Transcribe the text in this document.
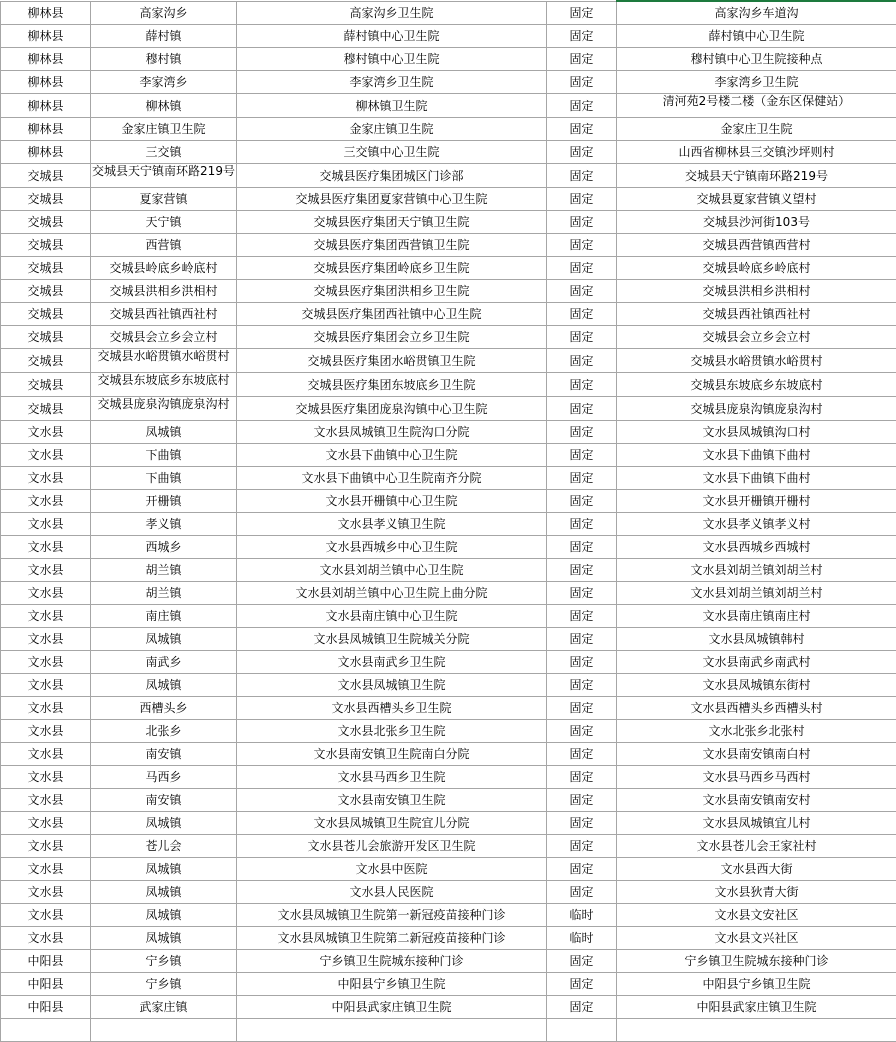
柳林县	高家沟乡	高家沟乡卫生院	固定	高家沟乡车道沟
柳林县	薛村镇	薛村镇中心卫生院	固定	薛村镇中心卫生院
柳林县	穆村镇	穆村镇中心卫生院	固定	穆村镇中心卫生院接种点
柳林县	李家湾乡	李家湾乡卫生院	固定	李家湾乡卫生院
柳林县	柳林镇	柳林镇卫生院	固定	清河苑2号楼二楼（金东区保健站）
柳林县	金家庄镇卫生院	金家庄镇卫生院	固定	金家庄卫生院
柳林县	三交镇	三交镇中心卫生院	固定	山西省柳林县三交镇沙坪则村
交城县	交城县天宁镇南环路219号	交城县医疗集团城区门诊部	固定	交城县天宁镇南环路219号
交城县	夏家营镇	交城县医疗集团夏家营镇中心卫生院	固定	交城县夏家营镇义望村
交城县	天宁镇	交城县医疗集团天宁镇卫生院	固定	交城县沙河街103号
交城县	西营镇	交城县医疗集团西营镇卫生院	固定	交城县西营镇西营村
交城县	交城县岭底乡岭底村	交城县医疗集团岭底乡卫生院	固定	交城县岭底乡岭底村
交城县	交城县洪相乡洪相村	交城县医疗集团洪相乡卫生院	固定	交城县洪相乡洪相村
交城县	交城县西社镇西社村	交城县医疗集团西社镇中心卫生院	固定	交城县西社镇西社村
交城县	交城县会立乡会立村	交城县医疗集团会立乡卫生院	固定	交城县会立乡会立村
交城县	交城县水峪贯镇水峪贯村	交城县医疗集团水峪贯镇卫生院	固定	交城县水峪贯镇水峪贯村
交城县	交城县东坡底乡东坡底村	交城县医疗集团东坡底乡卫生院	固定	交城县东坡底乡东坡底村
交城县	交城县庞泉沟镇庞泉沟村	交城县医疗集团庞泉沟镇中心卫生院	固定	交城县庞泉沟镇庞泉沟村
文水县	凤城镇	文水县凤城镇卫生院沟口分院	固定	文水县凤城镇沟口村
文水县	下曲镇	文水县下曲镇中心卫生院	固定	文水县下曲镇下曲村
文水县	下曲镇	文水县下曲镇中心卫生院南齐分院	固定	文水县下曲镇下曲村
文水县	开栅镇	文水县开栅镇中心卫生院	固定	文水县开栅镇开栅村
文水县	孝义镇	文水县孝义镇卫生院	固定	文水县孝义镇孝义村
文水县	西城乡	文水县西城乡中心卫生院	固定	文水县西城乡西城村
文水县	胡兰镇	文水县刘胡兰镇中心卫生院	固定	文水县刘胡兰镇刘胡兰村
文水县	胡兰镇	文水县刘胡兰镇中心卫生院上曲分院	固定	文水县刘胡兰镇刘胡兰村
文水县	南庄镇	文水县南庄镇中心卫生院	固定	文水县南庄镇南庄村
文水县	凤城镇	文水县凤城镇卫生院城关分院	固定	文水县凤城镇韩村
文水县	南武乡	文水县南武乡卫生院	固定	文水县南武乡南武村
文水县	凤城镇	文水县凤城镇卫生院	固定	文水县凤城镇东街村
文水县	西槽头乡	文水县西槽头乡卫生院	固定	文水县西槽头乡西槽头村
文水县	北张乡	文水县北张乡卫生院	固定	文水北张乡北张村
文水县	南安镇	文水县南安镇卫生院南白分院	固定	文水县南安镇南白村
文水县	马西乡	文水县马西乡卫生院	固定	文水县马西乡马西村
文水县	南安镇	文水县南安镇卫生院	固定	文水县南安镇南安村
文水县	凤城镇	文水县凤城镇卫生院宜儿分院	固定	文水县凤城镇宜儿村
文水县	苍儿会	文水县苍儿会旅游开发区卫生院	固定	文水县苍儿会王家社村
文水县	凤城镇	文水县中医院	固定	文水县西大街
文水县	凤城镇	文水县人民医院	固定	文水县狄青大街
文水县	凤城镇	文水县凤城镇卫生院第一新冠疫苗接种门诊	临时	文水县文安社区
文水县	凤城镇	文水县凤城镇卫生院第二新冠疫苗接种门诊	临时	文水县文兴社区
中阳县	宁乡镇	宁乡镇卫生院城东接种门诊	固定	宁乡镇卫生院城东接种门诊
中阳县	宁乡镇	中阳县宁乡镇卫生院	固定	中阳县宁乡镇卫生院
中阳县	武家庄镇	中阳县武家庄镇卫生院	固定	中阳县武家庄镇卫生院
